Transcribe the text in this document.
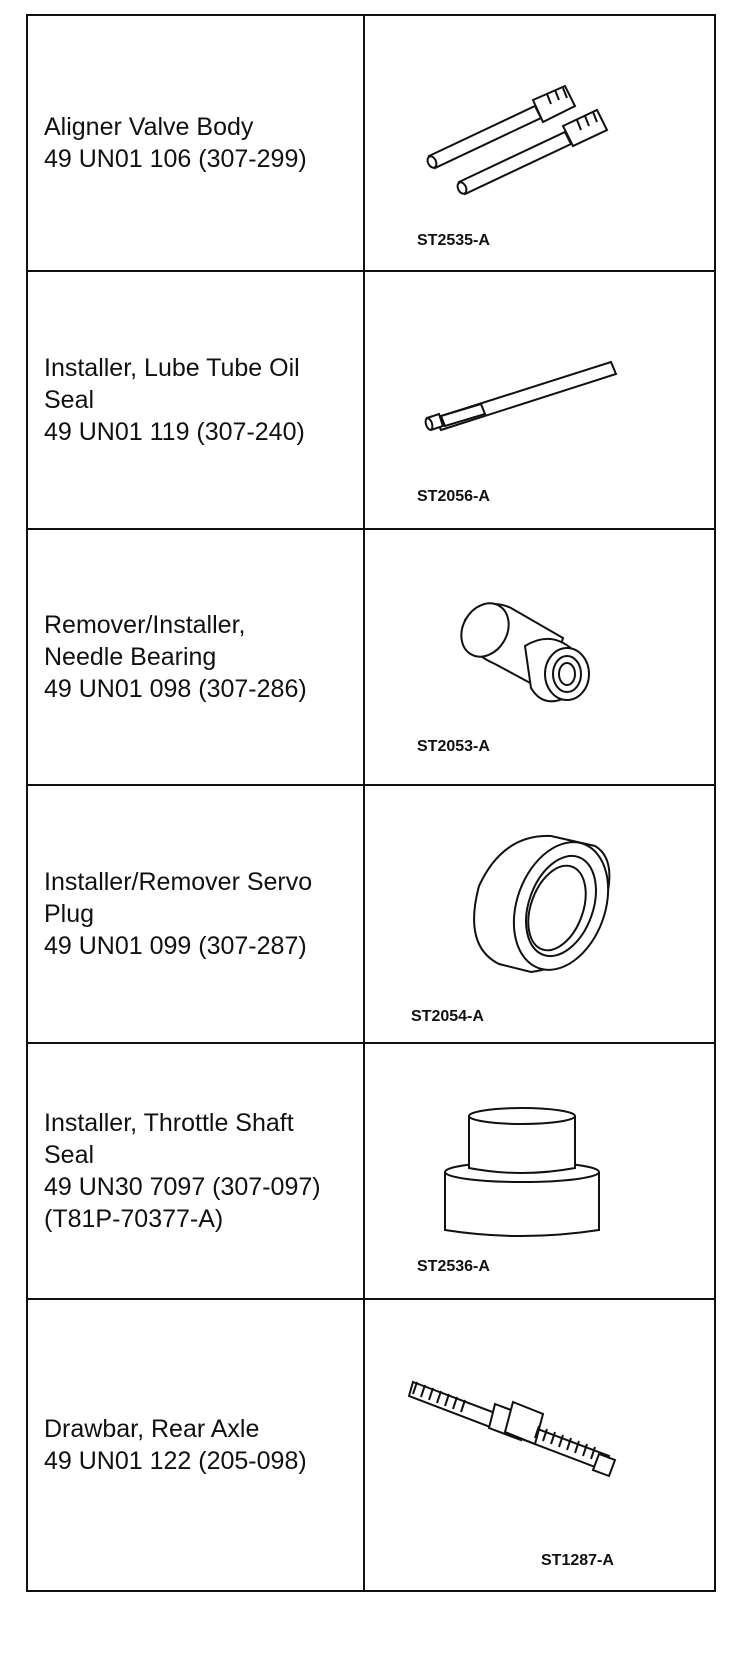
Aligner Valve Body
49 UN01 106 (307-299)	ST2535-A

Installer, Lube Tube Oil
Seal
49 UN01 119 (307-240)	ST2056-A

Remover/Installer,
Needle Bearing
49 UN01 098 (307-286)	ST2053-A

Installer/Remover Servo
Plug
49 UN01 099 (307-287)	ST2054-A

Installer, Throttle Shaft
Seal
49 UN30 7097 (307-097)
(T81P-70377-A)	ST2536-A

Drawbar, Rear Axle
49 UN01 122 (205-098)	ST1287-A
